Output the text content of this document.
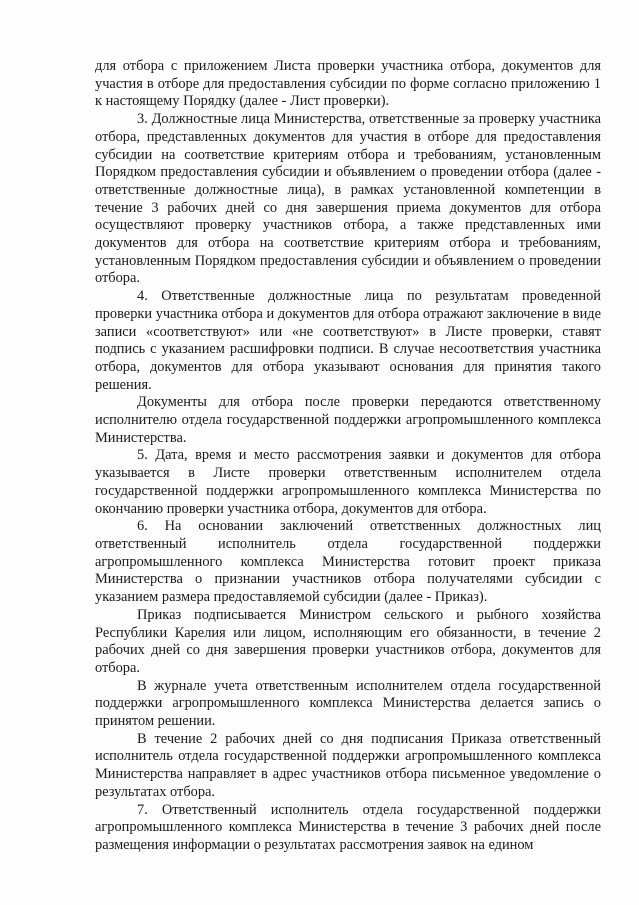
для отбора с приложением Листа проверки участника отбора, документов для участия в отборе для предоставления субсидии по форме согласно приложению 1 к настоящему Порядку (далее - Лист проверки).

3. Должностные лица Министерства, ответственные за проверку участника отбора, представленных документов для участия в отборе для предоставления субсидии на соответствие критериям отбора и требованиям, установленным Порядком предоставления субсидии и объявлением о проведении отбора (далее - ответственные должностные лица), в рамках установленной компетенции в течение 3 рабочих дней со дня завершения приема документов для отбора осуществляют проверку участников отбора, а также представленных ими документов для отбора на соответствие критериям отбора и требованиям, установленным Порядком предоставления субсидии и объявлением о проведении отбора.

4. Ответственные должностные лица по результатам проведенной проверки участника отбора и документов для отбора отражают заключение в виде записи «соответствуют» или «не соответствуют» в Листе проверки, ставят подпись с указанием расшифровки подписи. В случае несоответствия участника отбора, документов для отбора указывают основания для принятия такого решения.

Документы для отбора после проверки передаются ответственному исполнителю отдела государственной поддержки агропромышленного комплекса Министерства.

5. Дата, время и место рассмотрения заявки и документов для отбора указывается в Листе проверки ответственным исполнителем отдела государственной поддержки агропромышленного комплекса Министерства по окончанию проверки участника отбора, документов для отбора.

6. На основании заключений ответственных должностных лиц ответственный исполнитель отдела государственной поддержки агропромышленного комплекса Министерства готовит проект приказа Министерства о признании участников отбора получателями субсидии с указанием размера предоставляемой субсидии (далее - Приказ).

Приказ подписывается Министром сельского и рыбного хозяйства Республики Карелия или лицом, исполняющим его обязанности, в течение 2 рабочих дней со дня завершения проверки участников отбора, документов для отбора.

В журнале учета ответственным исполнителем отдела государственной поддержки агропромышленного комплекса Министерства делается запись о принятом решении.

В течение 2 рабочих дней со дня подписания Приказа ответственный исполнитель отдела государственной поддержки агропромышленного комплекса Министерства направляет в адрес участников отбора письменное уведомление о результатах отбора.

7. Ответственный исполнитель отдела государственной поддержки агропромышленного комплекса Министерства в течение 3 рабочих дней после размещения информации о результатах рассмотрения заявок на едином
